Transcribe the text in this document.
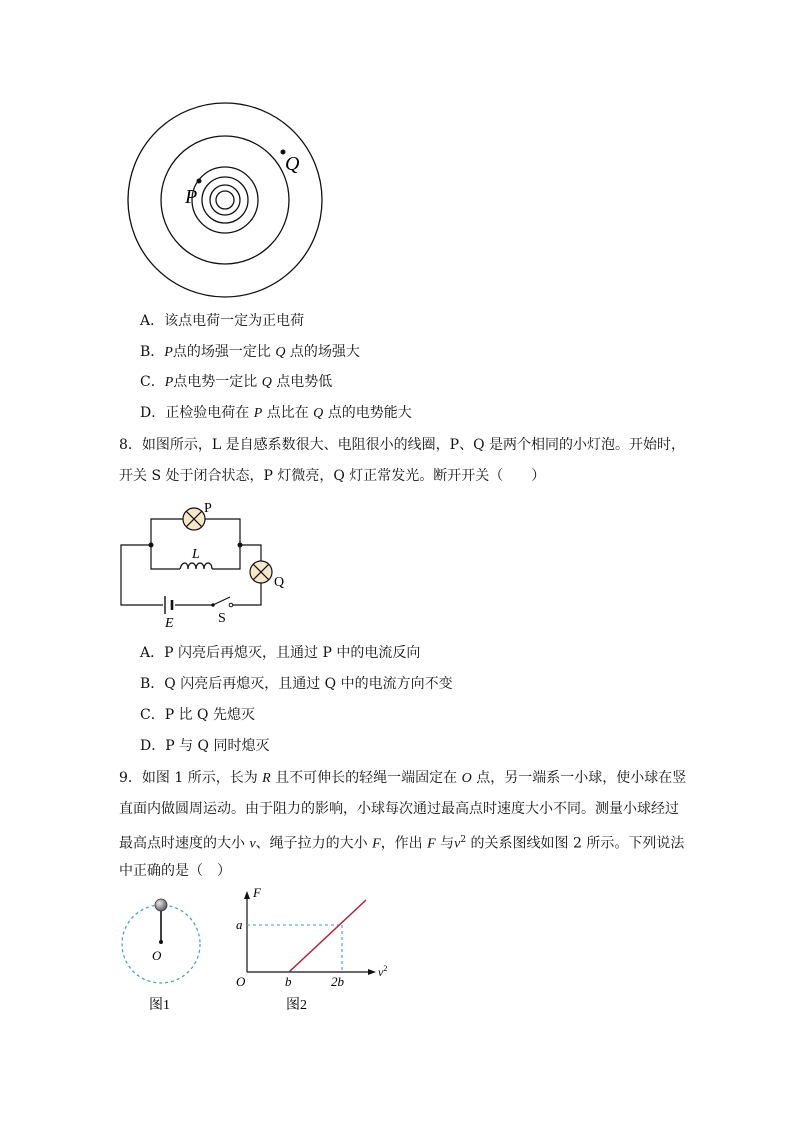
P
Q
A．该点电荷一定为正电荷
B．P点的场强一定比 Q 点的场强大
C．P点电势一定比 Q 点电势低
D．正检验电荷在 P 点比在 Q 点的电势能大
8．如图所示，L 是自感系数很大、电阻很小的线圈，P、Q 是两个相同的小灯泡。开始时，
开关 S 处于闭合状态，P 灯微亮，Q 灯正常发光。断开开关（　　）
P
Q
L
E	S
A．P 闪亮后再熄灭，且通过 P 中的电流反向
B．Q 闪亮后再熄灭，且通过 Q 中的电流方向不变
C．P 比 Q 先熄灭
D．P 与 Q 同时熄灭
9．如图 1 所示，长为 R 且不可伸长的轻绳一端固定在 O 点，另一端系一小球，使小球在竖
直面内做圆周运动。由于阻力的影响，小球每次通过最高点时速度大小不同。测量小球经过
最高点时速度的大小 v、绳子拉力的大小 F，作出 F 与$v^2$ 的关系图线如图 2 所示。下列说法
中正确的是（　）
O
图1
F
a
O	b	2b
$v^2$
图2
